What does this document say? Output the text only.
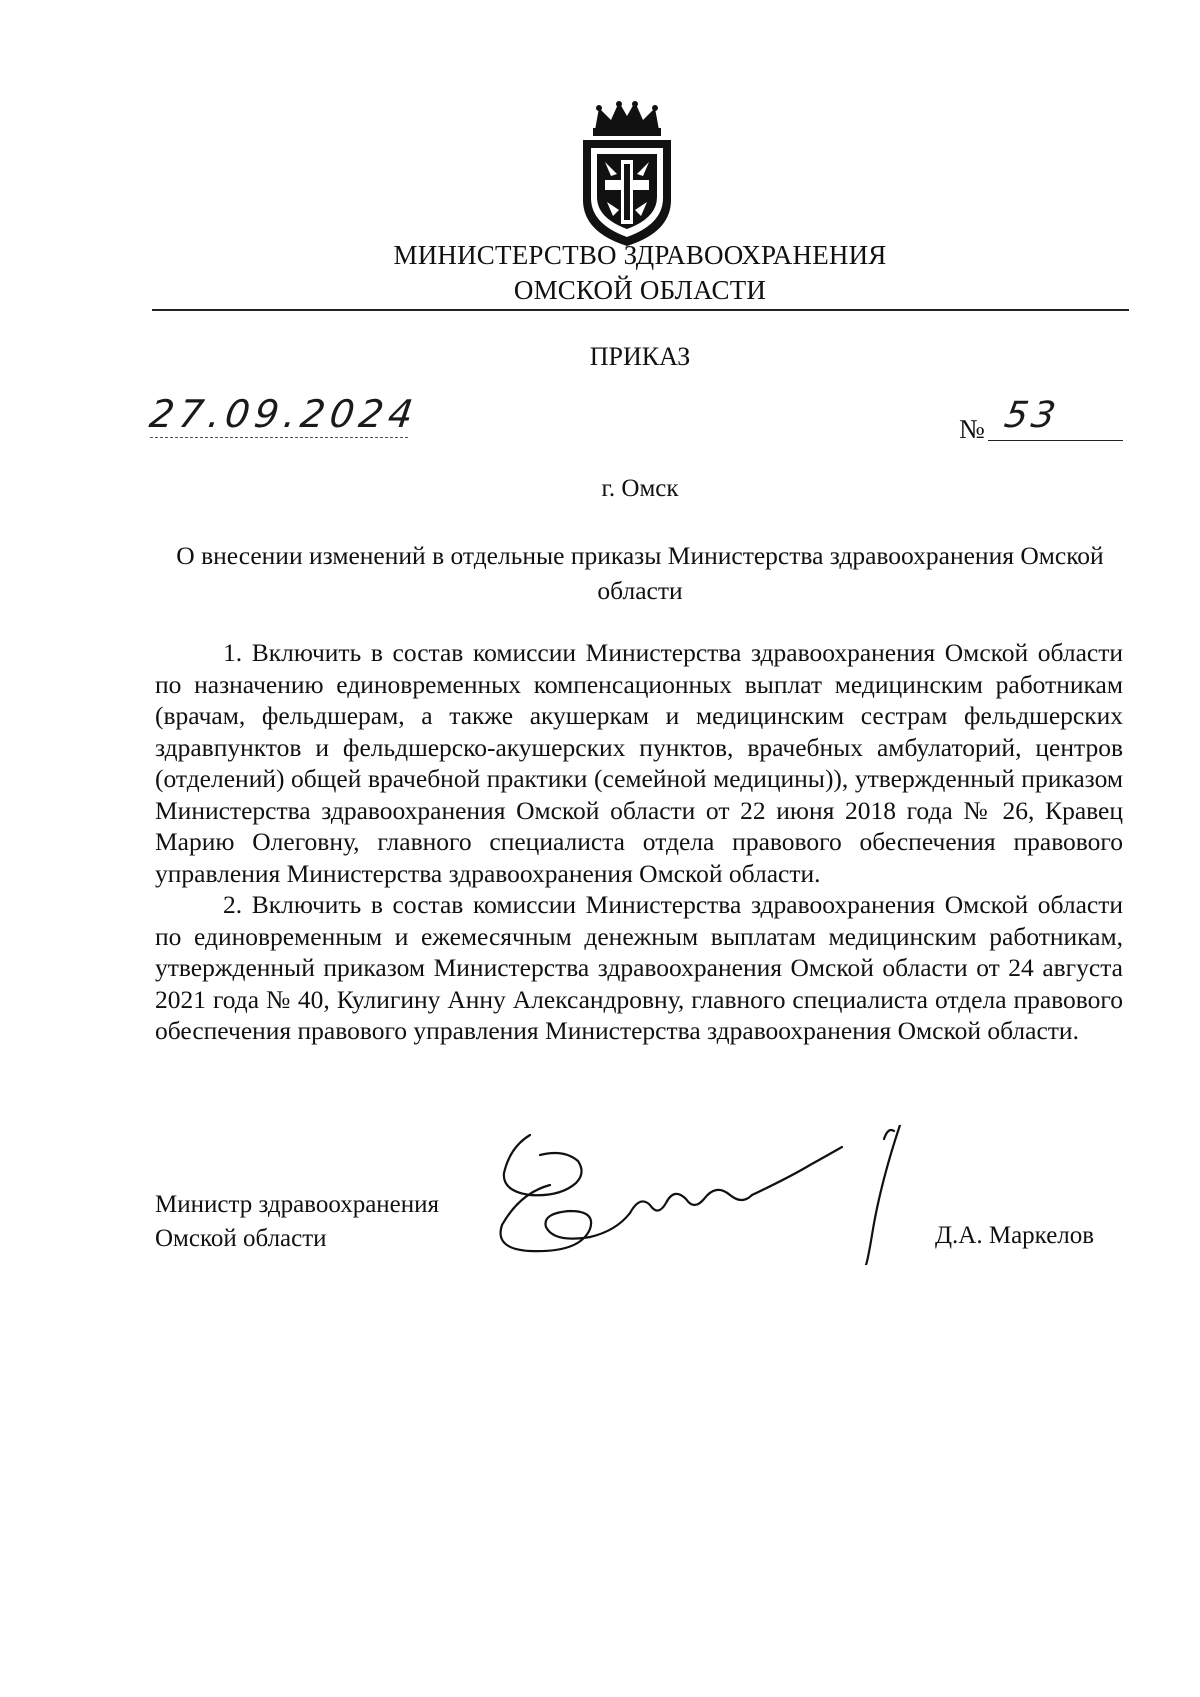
МИНИСТЕРСТВО ЗДРАВООХРАНЕНИЯ
ОМСКОЙ ОБЛАСТИ
ПРИКАЗ
27.09.2024	№ 53
г. Омск
О внесении изменений в отдельные приказы Министерства здравоохранения Омской области

1. Включить в состав комиссии Министерства здравоохранения Омской области по назначению единовременных компенсационных выплат медицинским работникам (врачам, фельдшерам, а также акушеркам и медицинским сестрам фельдшерских здравпунктов и фельдшерско-акушерских пунктов, врачебных амбулаторий, центров (отделений) общей врачебной практики (семейной медицины)), утвержденный приказом Министерства здравоохранения Омской области от 22 июня 2018 года № 26, Кравец Марию Олеговну, главного специалиста отдела правового обеспечения правового управления Министерства здравоохранения Омской области.

2. Включить в состав комиссии Министерства здравоохранения Омской области по единовременным и ежемесячным денежным выплатам медицинским работникам, утвержденный приказом Министерства здравоохранения Омской области от 24 августа 2021 года № 40, Кулигину Анну Александровну, главного специалиста отдела правового обеспечения правового управления Министерства здравоохранения Омской области.

Министр здравоохранения
Омской области	Д.А. Маркелов
